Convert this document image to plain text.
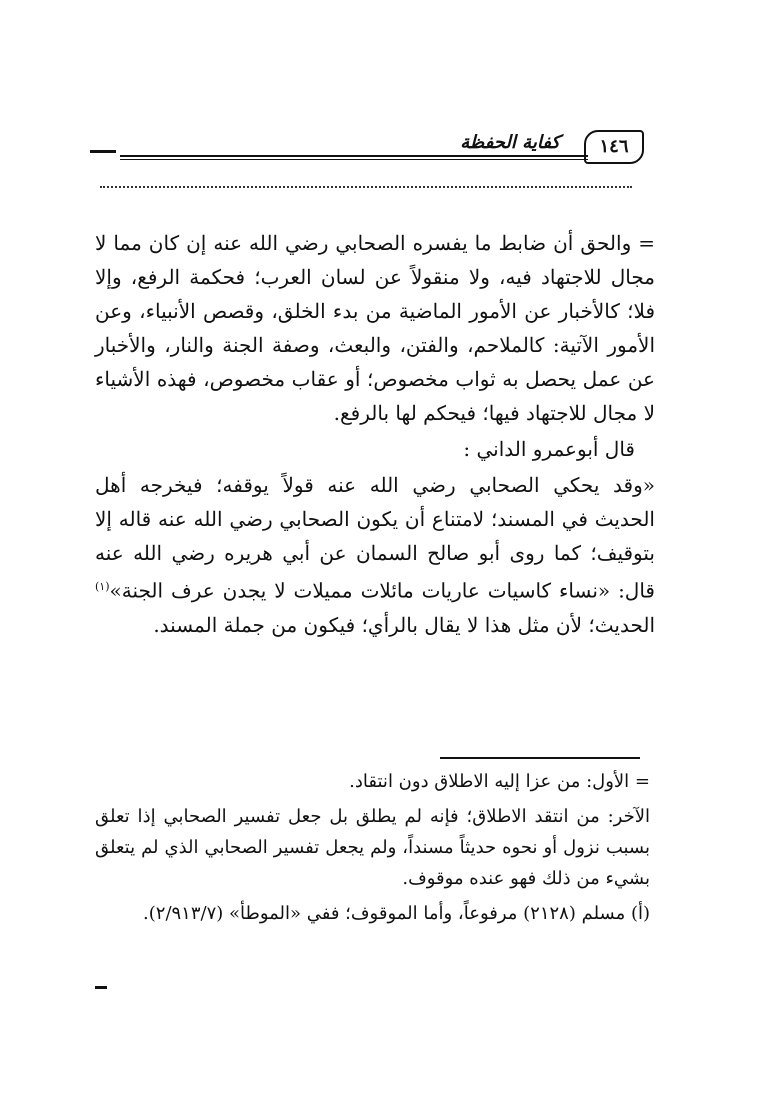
١٤٦
كفاية الحفظة

= والحق أن ضابط ما يفسره الصحابي رضي الله عنه إن كان مما لا مجال للاجتهاد فيه، ولا منقولاً عن لسان العرب؛ فحكمة الرفع، وإلا فلا؛ كالأخبار عن الأمور الماضية من بدء الخلق، وقصص الأنبياء، وعن الأمور الآتية: كالملاحم، والفتن، والبعث، وصفة الجنة والنار، والأخبار عن عمل يحصل به ثواب مخصوص؛ أو عقاب مخصوص، فهذه الأشياء لا مجال للاجتهاد فيها؛ فيحكم لها بالرفع.

قال أبوعمرو الداني :

«وقد يحكي الصحابي رضي الله عنه قولاً يوقفه؛ فيخرجه أهل الحديث في المسند؛ لامتناع أن يكون الصحابي رضي الله عنه قاله إلا بتوقيف؛ كما روى أبو صالح السمان عن أبي هريره رضي الله عنه قال: «نساء كاسيات عاريات مائلات مميلات لا يجدن عرف الجنة»$^{(١)}$ الحديث؛ لأن مثل هذا لا يقال بالرأي؛ فيكون من جملة المسند.

= الأول: من عزا إليه الاطلاق دون انتقاد.

الآخر: من انتقد الاطلاق؛ فإنه لم يطلق بل جعل تفسير الصحابي إذا تعلق بسبب نزول أو نحوه حديثاً مسنداً، ولم يجعل تفسير الصحابي الذي لم يتعلق بشيء من ذلك فهو عنده موقوف.

(أ) مسلم (٢١٢٨) مرفوعاً، وأما الموقوف؛ ففي «الموطأ» (٢/٩١٣/٧).
